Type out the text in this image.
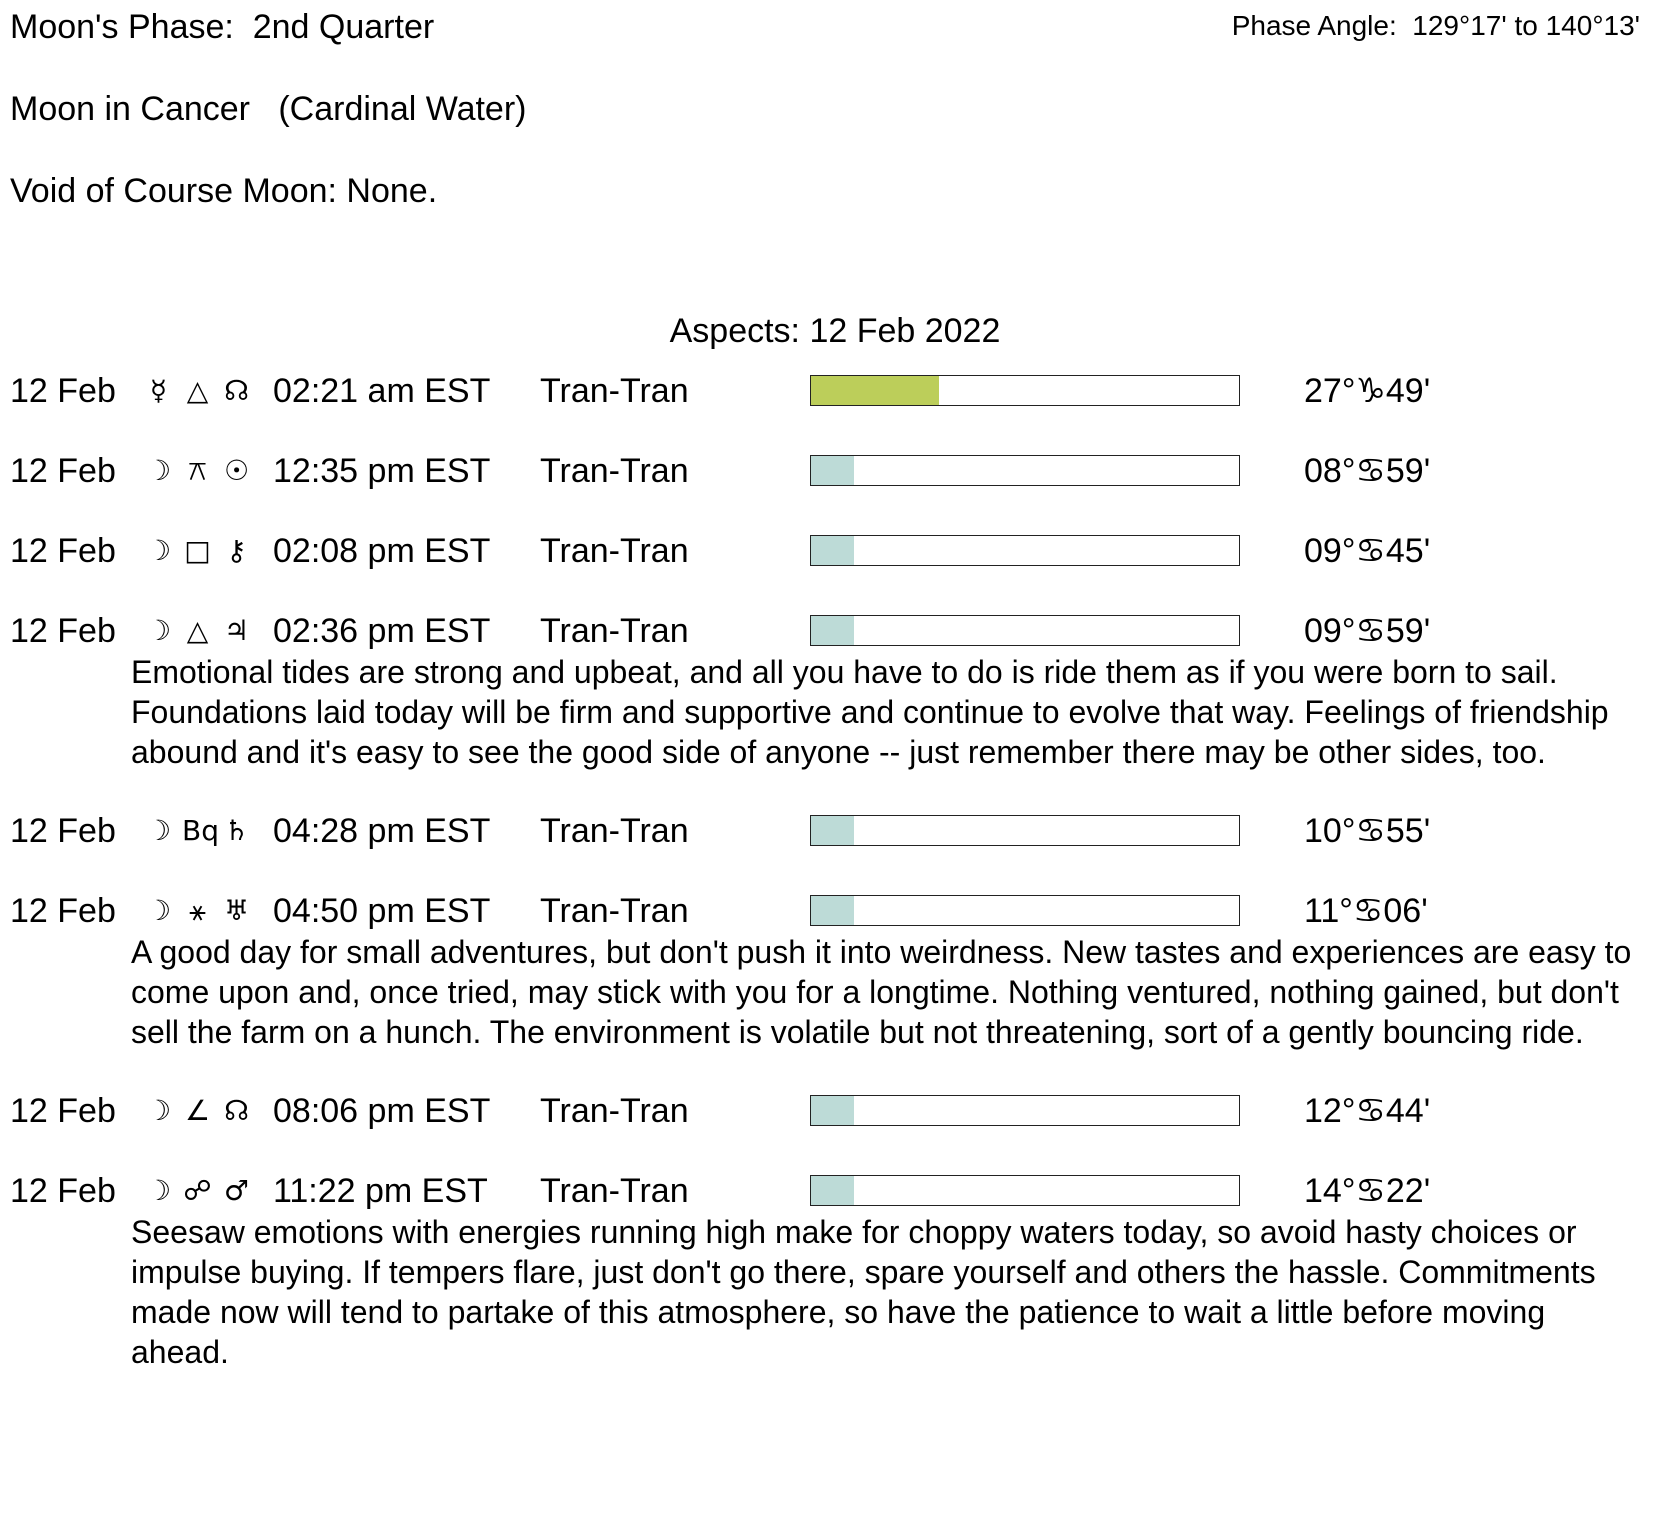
Moon's Phase:  2nd Quarter	Phase Angle:  129°17' to 140°13'
Moon in Cancer   (Cardinal Water)
Void of Course Moon: None.
Aspects: 12 Feb 2022
12 Feb ☿ △ ☊ 02:21 am EST Tran-Tran	27°♑49'
12 Feb ☽ ⚻ ☉ 12:35 pm EST Tran-Tran	08°♋59'
12 Feb ☽ □ ⚷ 02:08 pm EST Tran-Tran	09°♋45'
12 Feb ☽ △ ♃ 02:36 pm EST Tran-Tran	09°♋59'
Emotional tides are strong and upbeat, and all you have to do is ride them as if you were born to sail. Foundations laid today will be firm and supportive and continue to evolve that way. Feelings of friendship abound and it's easy to see the good side of anyone -- just remember there may be other sides, too.
12 Feb ☽ Bq ♄ 04:28 pm EST Tran-Tran	10°♋55'
12 Feb ☽ ⚹ ♅ 04:50 pm EST Tran-Tran	11°♋06'
A good day for small adventures, but don't push it into weirdness. New tastes and experiences are easy to come upon and, once tried, may stick with you for a longtime. Nothing ventured, nothing gained, but don't sell the farm on a hunch. The environment is volatile but not threatening, sort of a gently bouncing ride.
12 Feb ☽ ∠ ☊ 08:06 pm EST Tran-Tran	12°♋44'
12 Feb ☽ ☍ ♂ 11:22 pm EST Tran-Tran	14°♋22'
Seesaw emotions with energies running high make for choppy waters today, so avoid hasty choices or impulse buying. If tempers flare, just don't go there, spare yourself and others the hassle. Commitments made now will tend to partake of this atmosphere, so have the patience to wait a little before moving ahead.
